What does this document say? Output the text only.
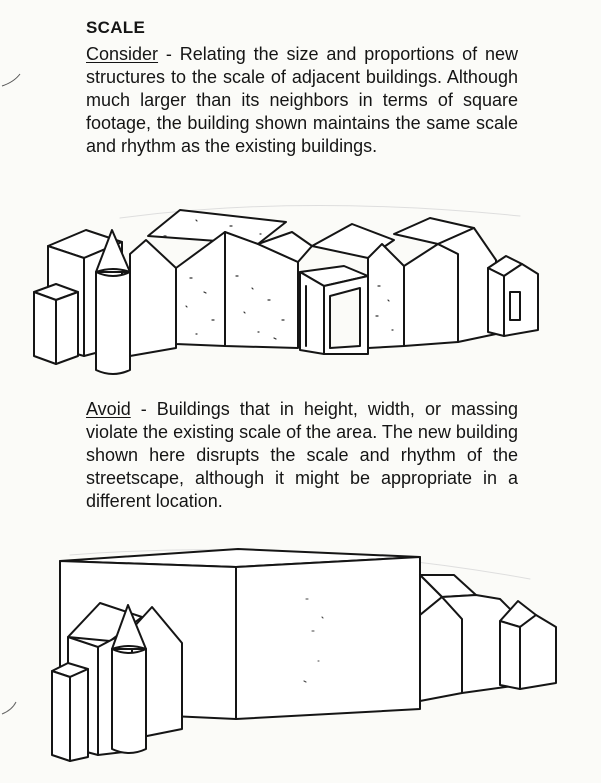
SCALE
Consider - Relating the size and proportions of new structures to the scale of adjacent buildings. Although much larger than its neighbors in terms of square footage, the building shown maintains the same scale and rhythm as the existing buildings.
Avoid - Buildings that in height, width, or massing violate the existing scale of the area. The new building shown here disrupts the scale and rhythm of the streetscape, although it might be appropriate in a different location.
